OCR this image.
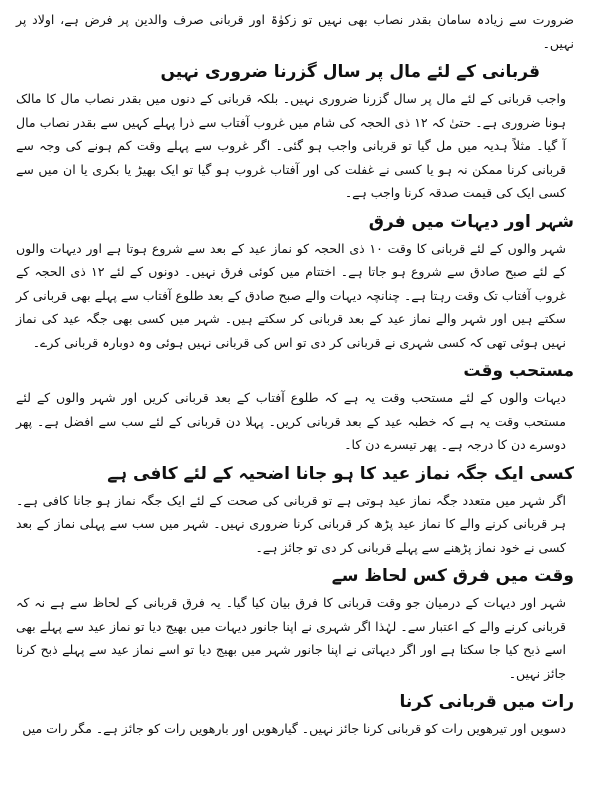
ضرورت سے زیادہ سامان بقدر نصاب بھی نہیں تو زکوٰۃ اور قربانی صرف والدین پر فرض ہے، اولاد پر نہیں۔

قربانی کے لئے مال پر سال گزرنا ضروری نہیں

واجب قربانی کے لئے مال پر سال گزرنا ضروری نہیں۔ بلکہ قربانی کے دنوں میں بقدر نصاب مال کا مالک ہونا ضروری ہے۔ حتیٰ کہ ۱۲ ذی الحجہ کی شام میں غروب آفتاب سے ذرا پہلے کہیں سے بقدر نصاب مال آ گیا۔ مثلاً ہدیہ میں مل گیا تو قربانی واجب ہو گئی۔ اگر غروب سے پہلے وقت کم ہونے کی وجہ سے قربانی کرنا ممکن نہ ہو یا کسی نے غفلت کی اور آفتاب غروب ہو گیا تو ایک بھیڑ یا بکری یا ان میں سے کسی ایک کی قیمت صدقہ کرنا واجب ہے۔

شہر اور دیہات میں فرق

شہر والوں کے لئے قربانی کا وقت ۱۰ ذی الحجہ کو نماز عید کے بعد سے شروع ہوتا ہے اور دیہات والوں کے لئے صبح صادق سے شروع ہو جاتا ہے۔ اختتام میں کوئی فرق نہیں۔ دونوں کے لئے ۱۲ ذی الحجہ کے غروب آفتاب تک وقت رہتا ہے۔ چنانچہ دیہات والے صبح صادق کے بعد طلوع آفتاب سے پہلے بھی قربانی کر سکتے ہیں اور شہر والے نماز عید کے بعد قربانی کر سکتے ہیں۔ شہر میں کسی بھی جگہ عید کی نماز نہیں ہوئی تھی کہ کسی شہری نے قربانی کر دی تو اس کی قربانی نہیں ہوئی وہ دوبارہ قربانی کرے۔

مستحب وقت

دیہات والوں کے لئے مستحب وقت یہ ہے کہ طلوع آفتاب کے بعد قربانی کریں اور شہر والوں کے لئے مستحب وقت یہ ہے کہ خطبہ عید کے بعد قربانی کریں۔ پہلا دن قربانی کے لئے سب سے افضل ہے۔ پھر دوسرے دن کا درجہ ہے۔ پھر تیسرے دن کا۔

کسی ایک جگہ نماز عید کا ہو جانا اضحیہ کے لئے کافی ہے

اگر شہر میں متعدد جگہ نماز عید ہوتی ہے تو قربانی کی صحت کے لئے ایک جگہ نماز ہو جانا کافی ہے۔ ہر قربانی کرنے والے کا نماز عید پڑھ کر قربانی کرنا ضروری نہیں۔ شہر میں سب سے پہلی نماز کے بعد کسی نے خود نماز پڑھنے سے پہلے قربانی کر دی تو جائز ہے۔

وقت میں فرق کس لحاظ سے

شہر اور دیہات کے درمیان جو وقت قربانی کا فرق بیان کیا گیا۔ یہ فرق قربانی کے لحاظ سے ہے نہ کہ قربانی کرنے والے کے اعتبار سے۔ لہٰذا اگر شہری نے اپنا جانور دیہات میں بھیج دیا تو نماز عید سے پہلے بھی اسے ذبح کیا جا سکتا ہے اور اگر دیہاتی نے اپنا جانور شہر میں بھیج دیا تو اسے نماز عید سے پہلے ذبح کرنا جائز نہیں۔

رات میں قربانی کرنا

دسویں اور تیرھویں رات کو قربانی کرنا جائز نہیں۔ گیارھویں اور بارھویں رات کو جائز ہے۔ مگر رات میں
